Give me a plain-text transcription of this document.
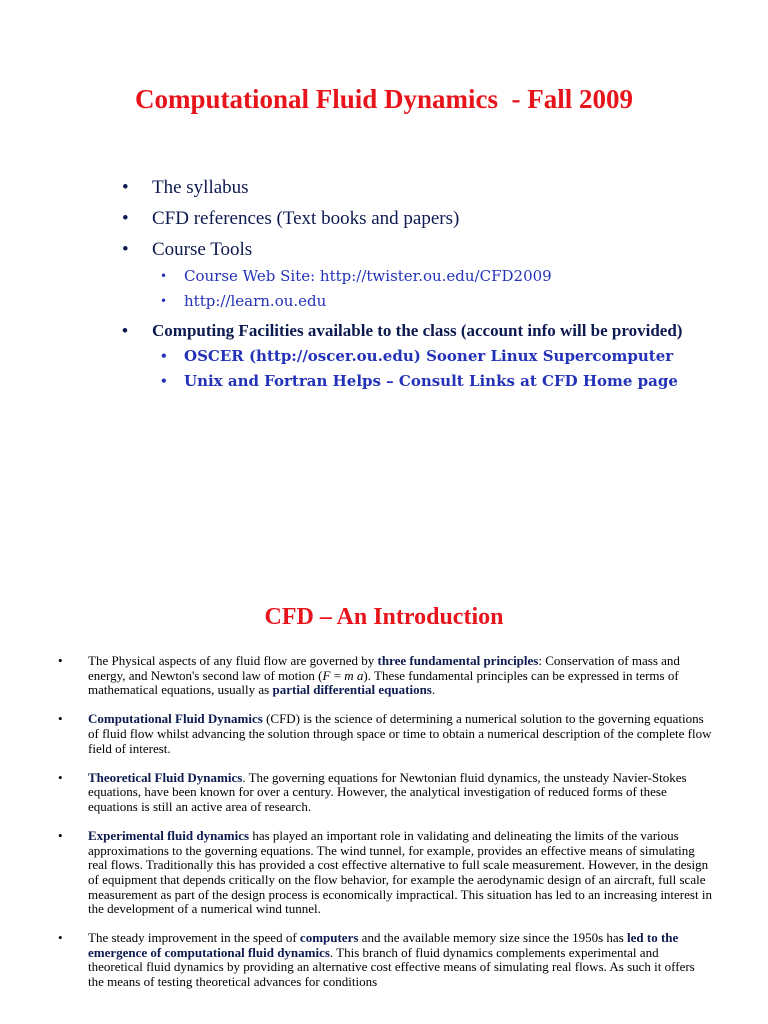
Computational Fluid Dynamics  - Fall 2009
• The syllabus
• CFD references (Text books and papers)
• Course Tools
• Course Web Site: http://twister.ou.edu/CFD2009
• http://learn.ou.edu
• Computing Facilities available to the class (account info will be provided)
• OSCER (http://oscer.ou.edu) Sooner Linux Supercomputer
• Unix and Fortran Helps – Consult Links at CFD Home page
CFD – An Introduction
• The Physical aspects of any fluid flow are governed by three fundamental principles: Conservation of mass and energy, and Newton's second law of motion (F = m a). These fundamental principles can be expressed in terms of mathematical equations, usually as partial differential equations.
• Computational Fluid Dynamics (CFD) is the science of determining a numerical solution to the governing equations of fluid flow whilst advancing the solution through space or time to obtain a numerical description of the complete flow field of interest.
• Theoretical Fluid Dynamics. The governing equations for Newtonian fluid dynamics, the unsteady Navier-Stokes equations, have been known for over a century. However, the analytical investigation of reduced forms of these equations is still an active area of research.
• Experimental fluid dynamics has played an important role in validating and delineating the limits of the various approximations to the governing equations. The wind tunnel, for example, provides an effective means of simulating real flows. Traditionally this has provided a cost effective alternative to full scale measurement. However, in the design of equipment that depends critically on the flow behavior, for example the aerodynamic design of an aircraft, full scale measurement as part of the design process is economically impractical. This situation has led to an increasing interest in the development of a numerical wind tunnel.
• The steady improvement in the speed of computers and the available memory size since the 1950s has led to the emergence of computational fluid dynamics. This branch of fluid dynamics complements experimental and theoretical fluid dynamics by providing an alternative cost effective means of simulating real flows. As such it offers the means of testing theoretical advances for conditions
